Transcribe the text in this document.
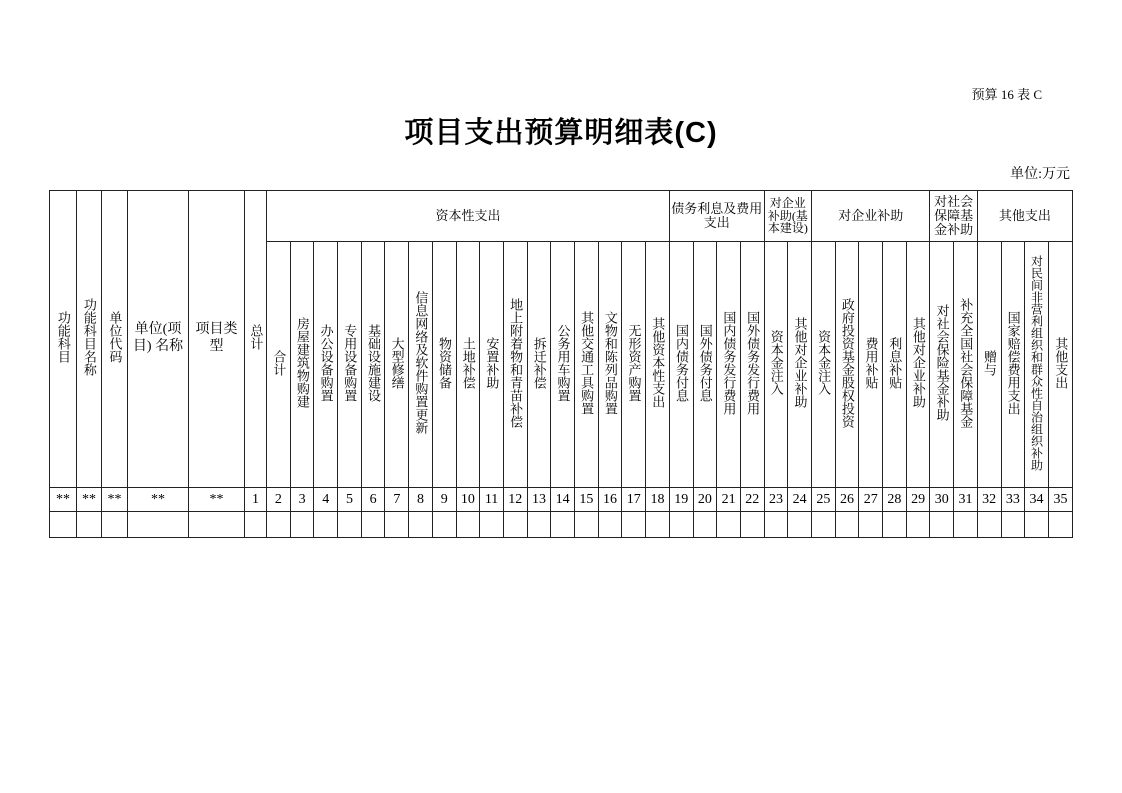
预算 16 表 C
项目支出预算明细表(C)
单位:万元
功能科目	功能科目名称	单位代码	单位(项目) 名称	项目类型	总计	资本性支出																	债务利息及费用支出				对企业补助(基本建设)		对企业补助					对社会保障基金补助		其他支出			
						合计	房屋建筑物购建	办公设备购置	专用设备购置	基础设施建设	大型修缮	信息网络及软件购置更新	物资储备	土地补偿	安置补助	地上附着物和青苗补偿	拆迁补偿	公务用车购置	其他交通工具购置	文物和陈列品购置	无形资产购置	其他资本性支出	国内债务付息	国外债务付息	国内债务发行费用	国外债务发行费用	资本金注入	其他对企业补助	资本金注入	政府投资基金股权投资	费用补贴	利息补贴	其他对企业补助	对社会保险基金补助	补充全国社会保障基金	赠与	国家赔偿费用支出	对民间非营利组织和群众性自治组织补助	其他支出
**	**	**	**	**	1	2	3	4	5	6	7	8	9	10	11	12	13	14	15	16	17	18	19	20	21	22	23	24	25	26	27	28	29	30	31	32	33	34	35
